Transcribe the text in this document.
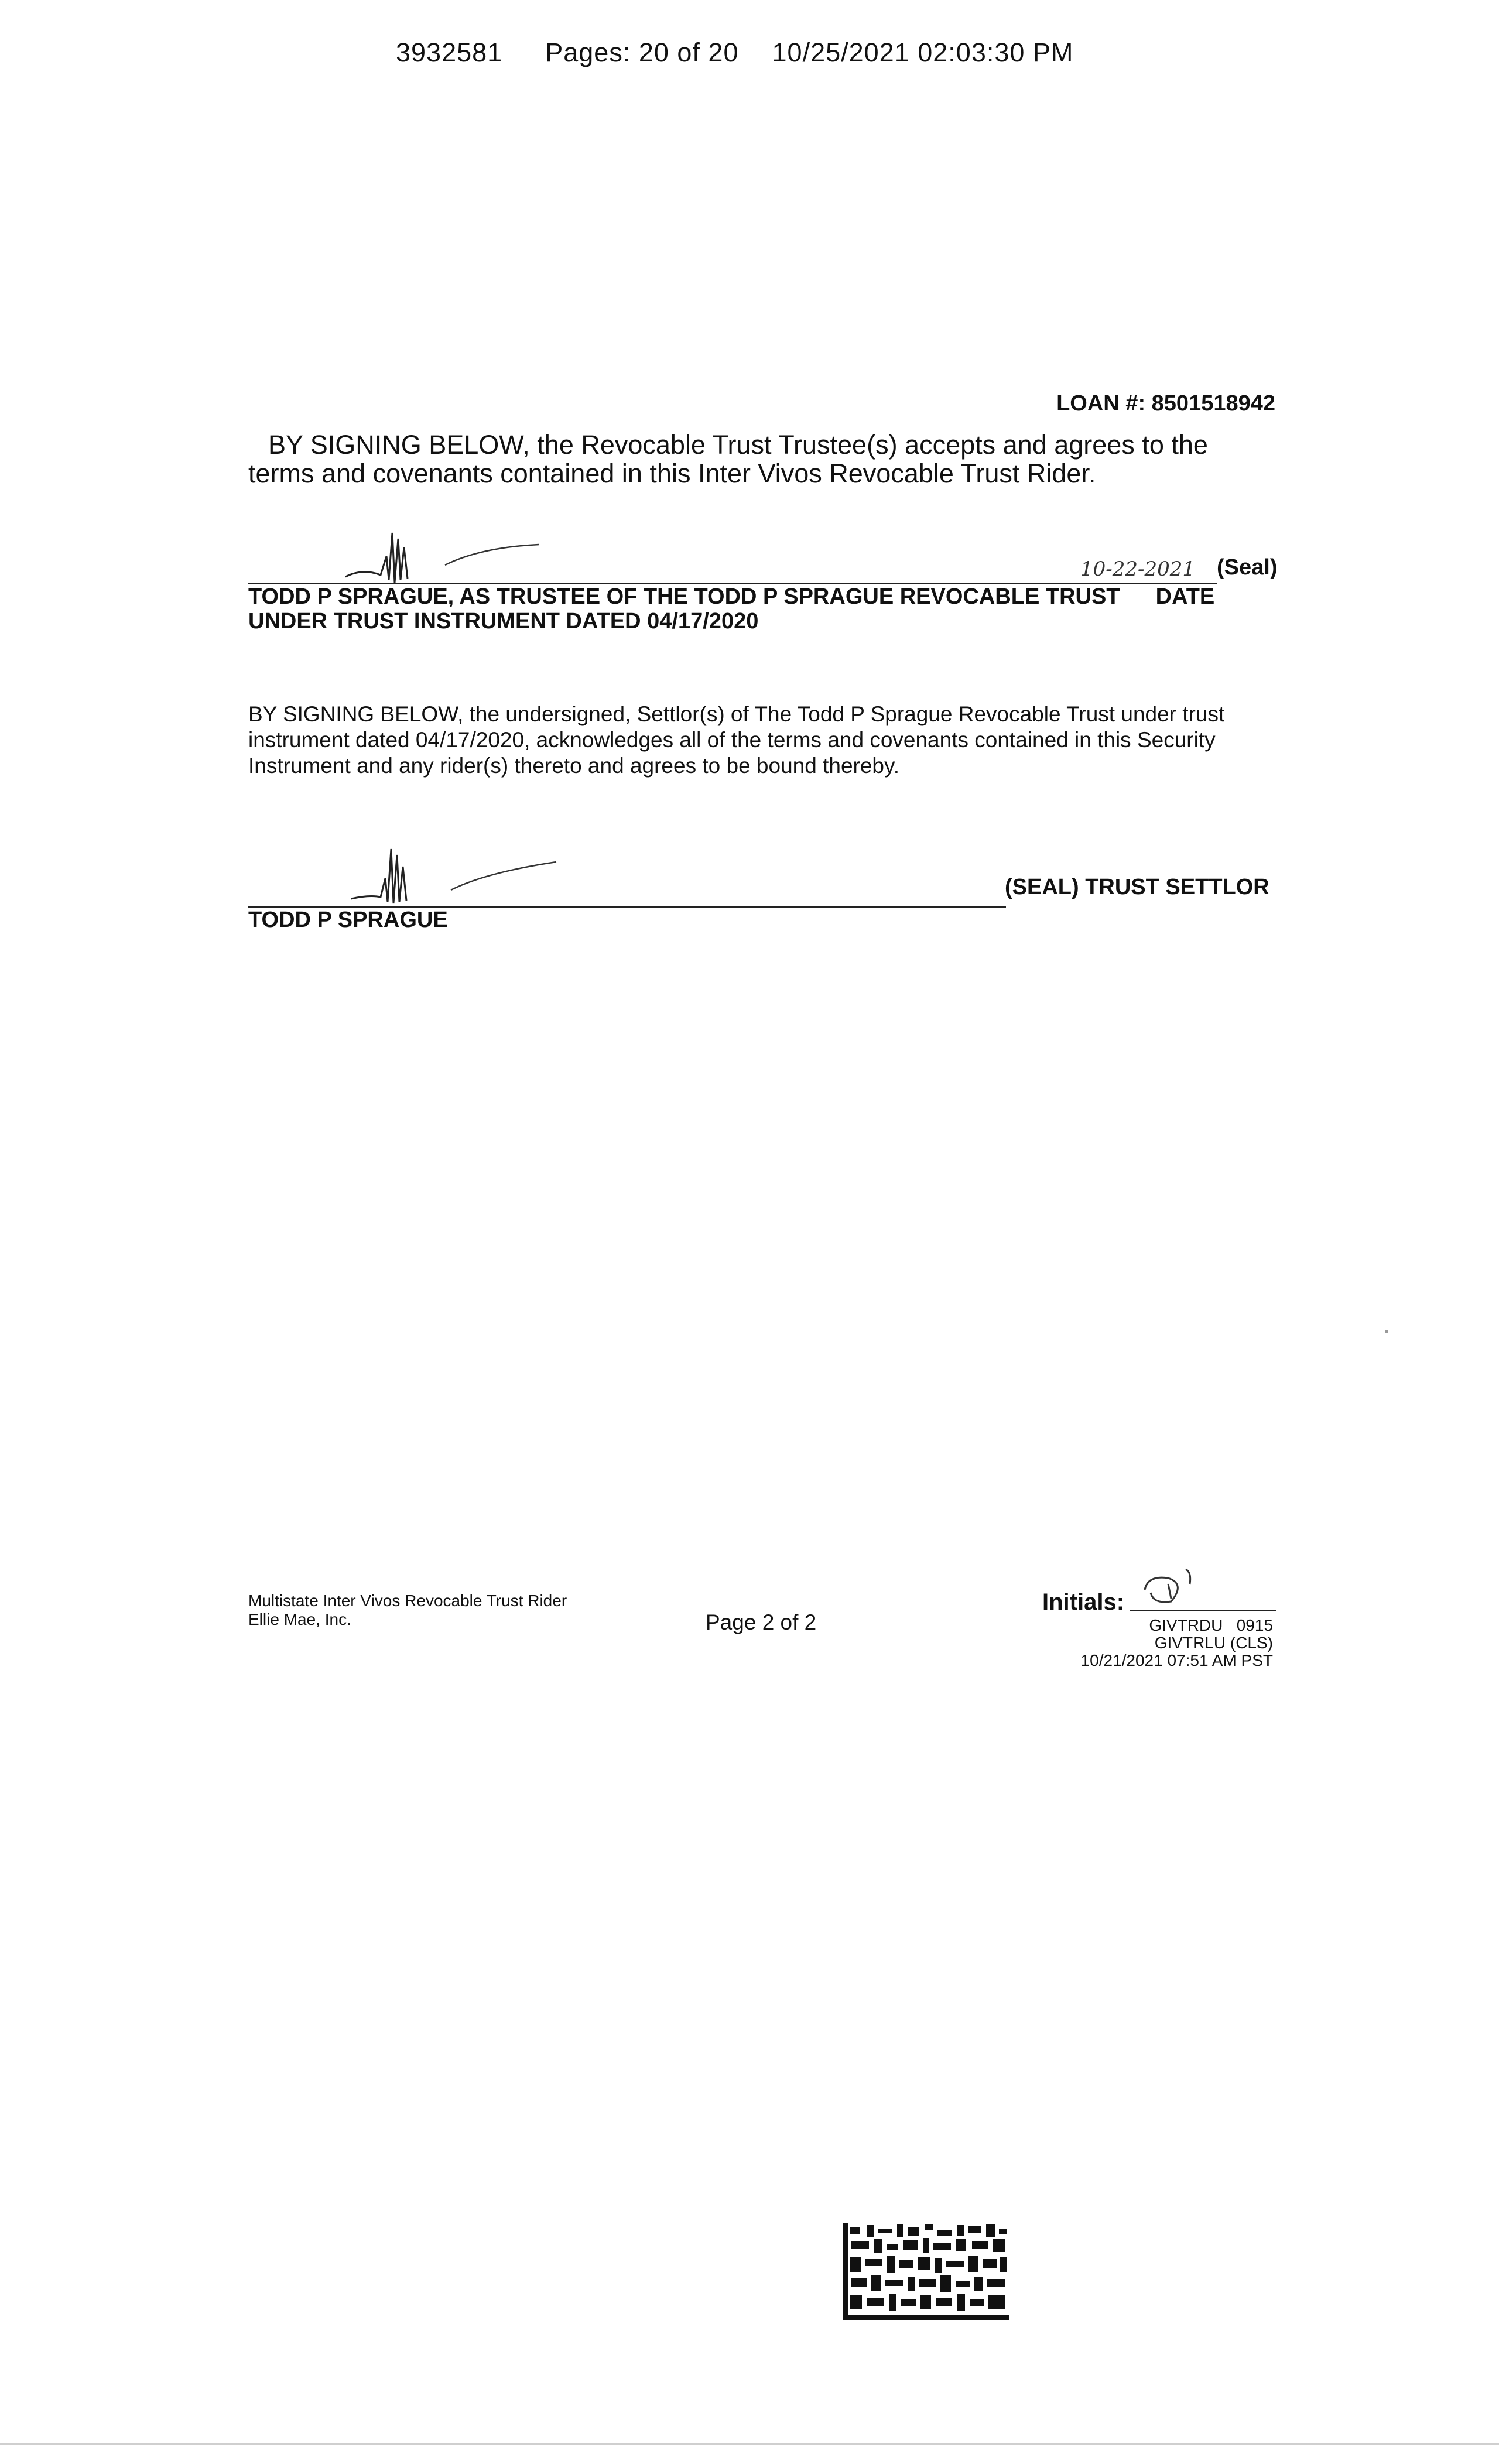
3932581 Pages: 20 of 20 10/25/2021 02:03:30 PM
LOAN #: 8501518942
BY SIGNING BELOW, the Revocable Trust Trustee(s) accepts and agrees to the
terms and covenants contained in this Inter Vivos Revocable Trust Rider.
10-22-2021 (Seal)
TODD P SPRAGUE, AS TRUSTEE OF THE TODD P SPRAGUE REVOCABLE TRUST DATE
UNDER TRUST INSTRUMENT DATED 04/17/2020
BY SIGNING BELOW, the undersigned, Settlor(s) of The Todd P Sprague Revocable Trust under trust
instrument dated 04/17/2020, acknowledges all of the terms and covenants contained in this Security
Instrument and any rider(s) thereto and agrees to be bound thereby.
(SEAL) TRUST SETTLOR
TODD P SPRAGUE
Multistate Inter Vivos Revocable Trust Rider
Ellie Mae, Inc.	Page 2 of 2
Initials:
GIVTRDU   0915
GIVTRLU (CLS)
10/21/2021 07:51 AM PST
